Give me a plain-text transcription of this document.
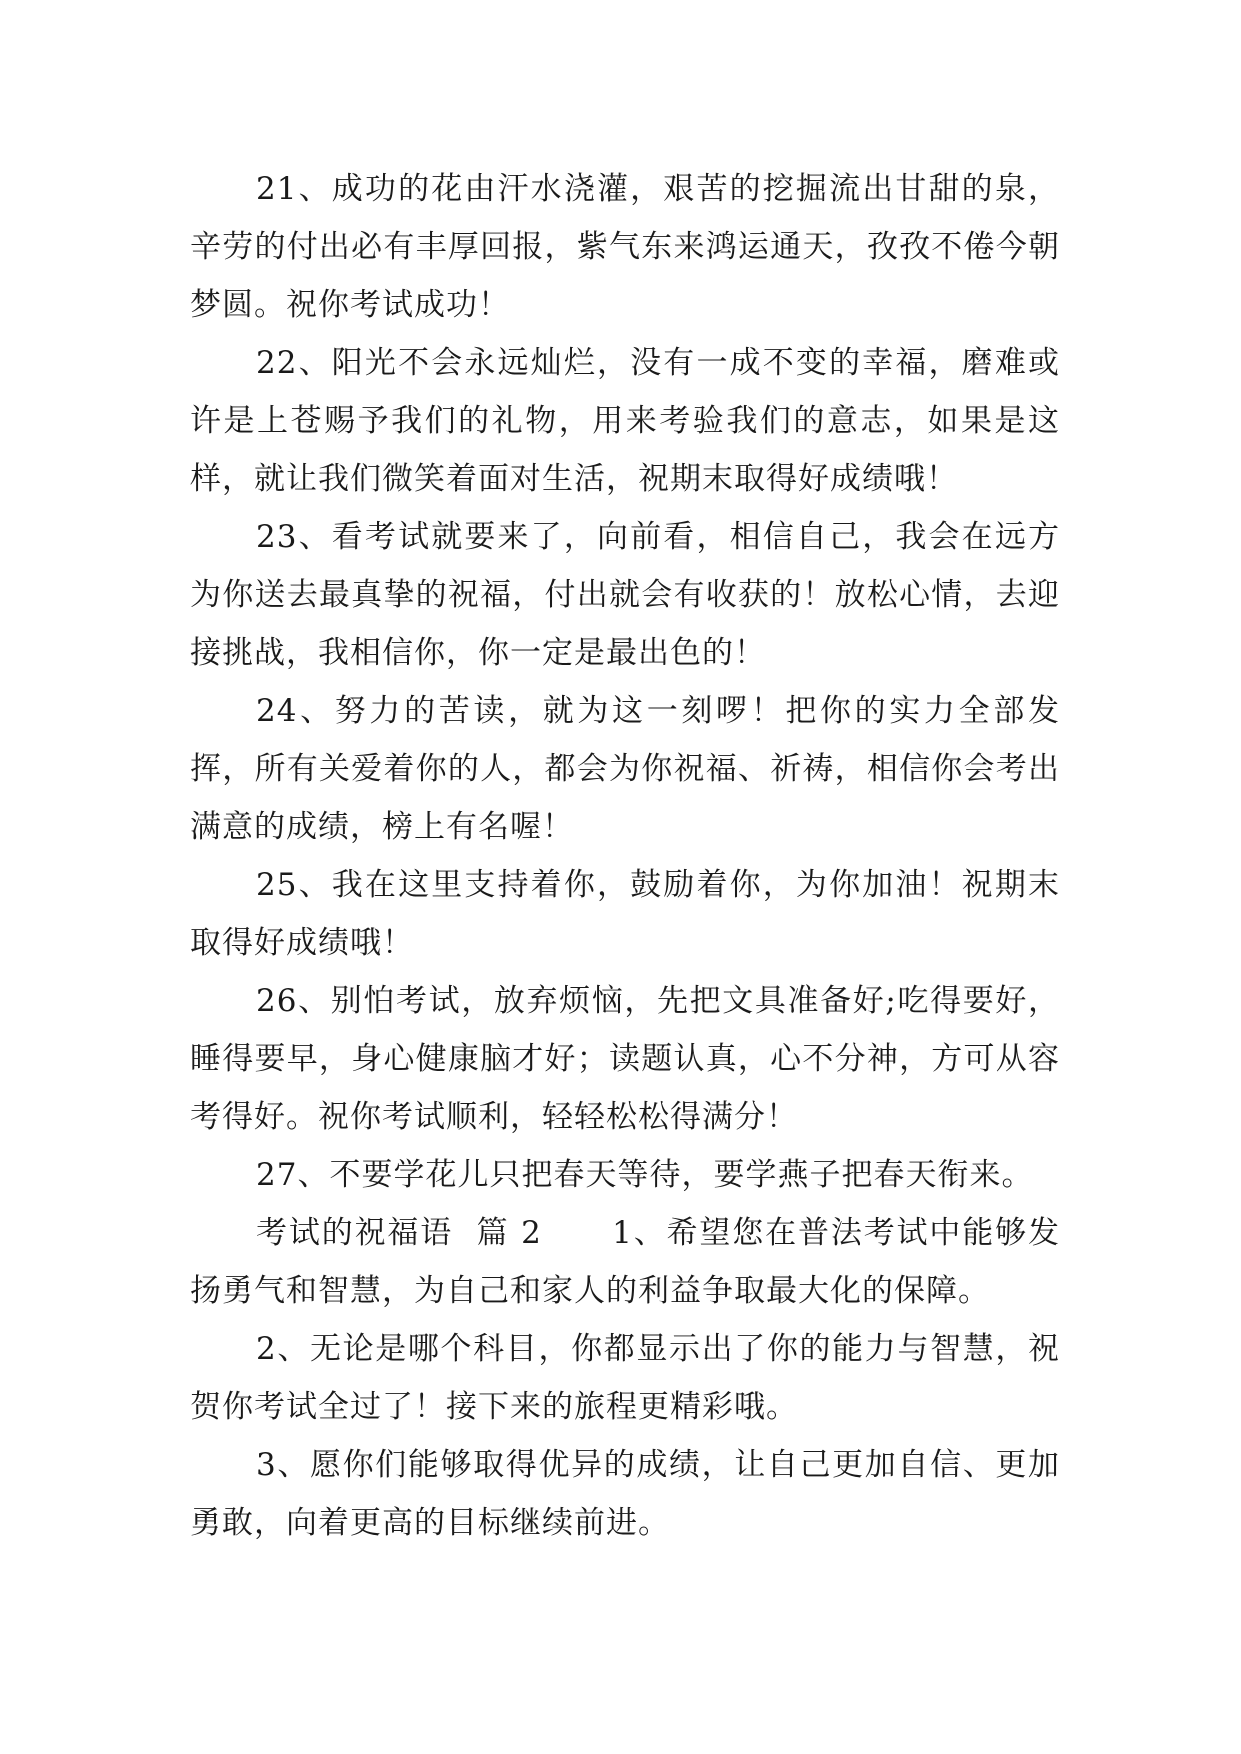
21、成功的花由汗水浇灌，艰苦的挖掘流出甘甜的泉，辛劳的付出必有丰厚回报，紫气东来鸿运通天，孜孜不倦今朝梦圆。祝你考试成功！

22、阳光不会永远灿烂，没有一成不变的幸福，磨难或许是上苍赐予我们的礼物，用来考验我们的意志，如果是这样，就让我们微笑着面对生活，祝期末取得好成绩哦！

23、看考试就要来了，向前看，相信自己，我会在远方为你送去最真挚的祝福，付出就会有收获的！放松心情，去迎接挑战，我相信你，你一定是最出色的！

24、努力的苦读，就为这一刻啰！把你的实力全部发挥，所有关爱着你的人，都会为你祝福、祈祷，相信你会考出满意的成绩，榜上有名喔！

25、我在这里支持着你，鼓励着你，为你加油！祝期末取得好成绩哦！

26、别怕考试，放弃烦恼，先把文具准备好;吃得要好，睡得要早，身心健康脑才好；读题认真，心不分神，方可从容考得好。祝你考试顺利，轻轻松松得满分！

27、不要学花儿只把春天等待，要学燕子把春天衔来。

考试的祝福语  篇 2      1、希望您在普法考试中能够发扬勇气和智慧，为自己和家人的利益争取最大化的保障。

2、无论是哪个科目，你都显示出了你的能力与智慧，祝贺你考试全过了！接下来的旅程更精彩哦。

3、愿你们能够取得优异的成绩，让自己更加自信、更加勇敢，向着更高的目标继续前进。
